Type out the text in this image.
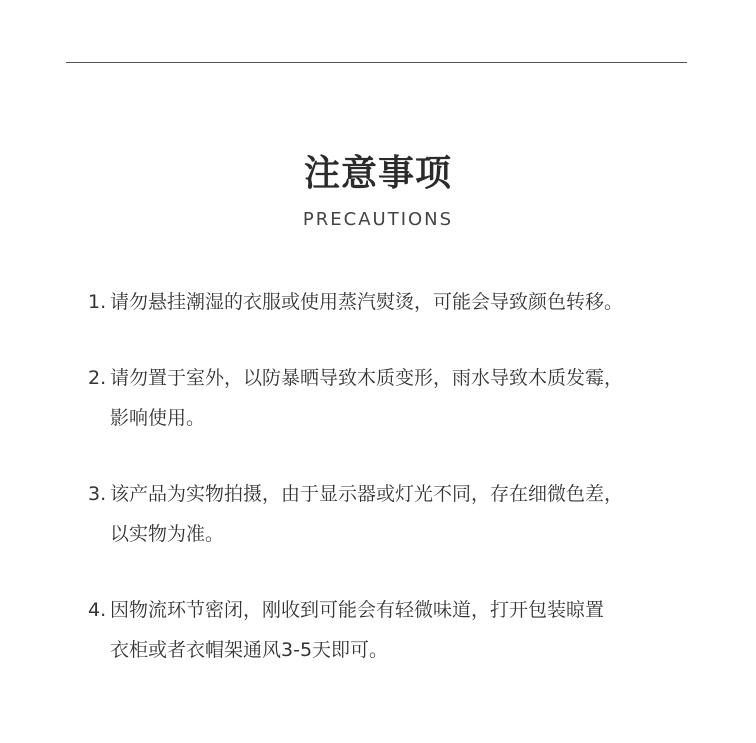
注意事项
PRECAUTIONS
1. 请勿悬挂潮湿的衣服或使用蒸汽熨烫，可能会导致颜色转移。
2. 请勿置于室外，以防暴晒导致木质变形，雨水导致木质发霉，
影响使用。
3. 该产品为实物拍摄，由于显示器或灯光不同，存在细微色差，
以实物为准。
4. 因物流环节密闭，刚收到可能会有轻微味道，打开包装晾置
衣柜或者衣帽架通风3-5天即可。
